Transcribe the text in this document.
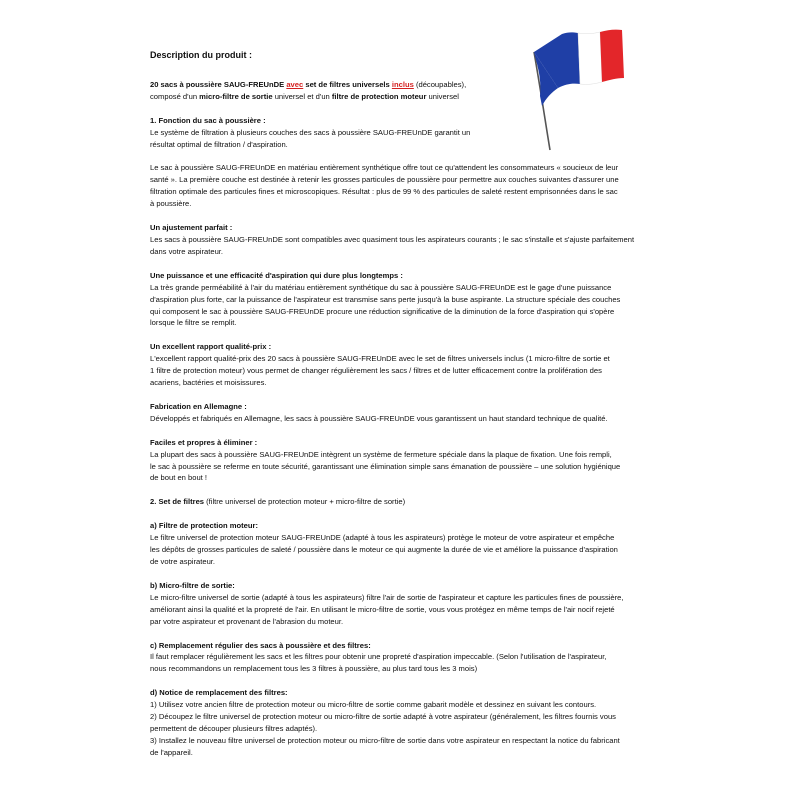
Description du produit :

20 sacs à poussière SAUG-FREUnDE avec set de filtres universels inclus (découpables),

composé d'un micro-filtre de sortie universel et d'un filtre de protection moteur universel

1. Fonction du sac à poussière :

Le système de filtration à plusieurs couches des sacs à poussière SAUG-FREUnDE garantit un

résultat optimal de filtration / d'aspiration.

Le sac à poussière SAUG-FREUnDE en matériau entièrement synthétique offre tout ce qu'attendent les consommateurs « soucieux de leur

santé ». La première couche est destinée à retenir les grosses particules de poussière pour permettre aux couches suivantes d'assurer une

filtration optimale des particules fines et microscopiques. Résultat : plus de 99 % des particules de saleté restent emprisonnées dans le sac

à poussière.

Un ajustement parfait :

Les sacs à poussière SAUG-FREUnDE sont compatibles avec quasiment tous les aspirateurs courants ; le sac s'installe et s'ajuste parfaitement

dans votre aspirateur.

Une puissance et une efficacité d'aspiration qui dure plus longtemps :

La très grande perméabilité à l'air du matériau entièrement synthétique du sac à poussière SAUG-FREUnDE est le gage d'une puissance

d'aspiration plus forte, car la puissance de l'aspirateur est transmise sans perte jusqu'à la buse aspirante. La structure spéciale des couches

qui composent le sac à poussière SAUG-FREUnDE procure une réduction significative de la diminution de la force d'aspiration qui s'opère

lorsque le filtre se remplit.

Un excellent rapport qualité-prix :

L'excellent rapport qualité-prix des 20 sacs à poussière SAUG-FREUnDE avec le set de filtres universels inclus (1 micro-filtre de sortie et

1 filtre de protection moteur) vous permet de changer régulièrement les sacs / filtres et de lutter efficacement contre la prolifération des

acariens, bactéries et moisissures.

Fabrication en Allemagne :

Développés et fabriqués en Allemagne, les sacs à poussière SAUG-FREUnDE vous garantissent un haut standard technique de qualité.

Faciles et propres à éliminer :

La plupart des sacs à poussière SAUG-FREUnDE intègrent un système de fermeture spéciale dans la plaque de fixation. Une fois rempli,

le sac à poussière se referme en toute sécurité, garantissant une élimination simple sans émanation de poussière – une solution hygiénique

de bout en bout !

2. Set de filtres (filtre universel de protection moteur + micro-filtre de sortie)

a) Filtre de protection moteur:

Le filtre universel de protection moteur SAUG-FREUnDE (adapté à tous les aspirateurs) protège le moteur de votre aspirateur et empêche

les dépôts de grosses particules de saleté / poussière dans le moteur ce qui augmente la durée de vie et améliore la puissance d'aspiration

de votre aspirateur.

b) Micro-filtre de sortie:

Le micro-filtre universel de sortie (adapté à tous les aspirateurs) filtre l'air de sortie de l'aspirateur et capture les particules fines de poussière,

améliorant ainsi la qualité et la propreté de l'air. En utilisant le micro-filtre de sortie, vous vous protégez en même temps de l'air nocif rejeté

par votre aspirateur et provenant de l'abrasion du moteur.

c) Remplacement régulier des sacs à poussière et des filtres:

Il faut remplacer régulièrement les sacs et les filtres pour obtenir une propreté d'aspiration impeccable. (Selon l'utilisation de l'aspirateur,

nous recommandons un remplacement tous les 3 filtres à poussière, au plus tard tous les 3 mois)

d) Notice de remplacement des filtres:

1) Utilisez votre ancien filtre de protection moteur ou micro-filtre de sortie comme gabarit modèle et dessinez en suivant les contours.

2) Découpez le filtre universel de protection moteur ou micro-filtre de sortie adapté à votre aspirateur (généralement, les filtres fournis vous

permettent de découper plusieurs filtres adaptés).

3) Installez le nouveau filtre universel de protection moteur ou micro-filtre de sortie dans votre aspirateur en respectant la notice du fabricant

de l'appareil.
